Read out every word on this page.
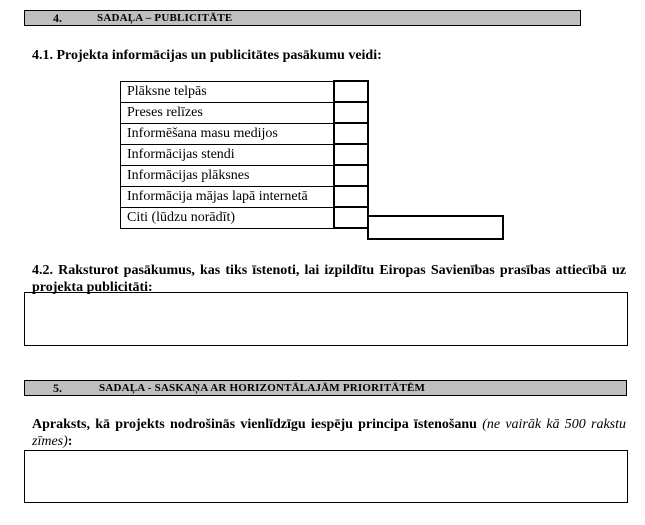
4.	SADAĻA – PUBLICITĀTE
4.1. Projekta informācijas un publicitātes pasākumu veidi:
Plāksne telpās	
Preses relīzes	
Informēšana masu medijos	
Informācijas stendi	
Informācijas plāksnes	
Informācija mājas lapā internetā	
Citi (lūdzu norādīt)	
4.2. Raksturot pasākumus, kas tiks īstenoti, lai izpildītu Eiropas Savienības prasības attiecībā uz projekta publicitāti:
5.	SADAĻA - SASKAŅA AR HORIZONTĀLAJĀM PRIORITĀTĒM
Apraksts, kā projekts nodrošinās vienlīdzīgu iespēju principa īstenošanu (ne vairāk kā 500 rakstu zīmes):
